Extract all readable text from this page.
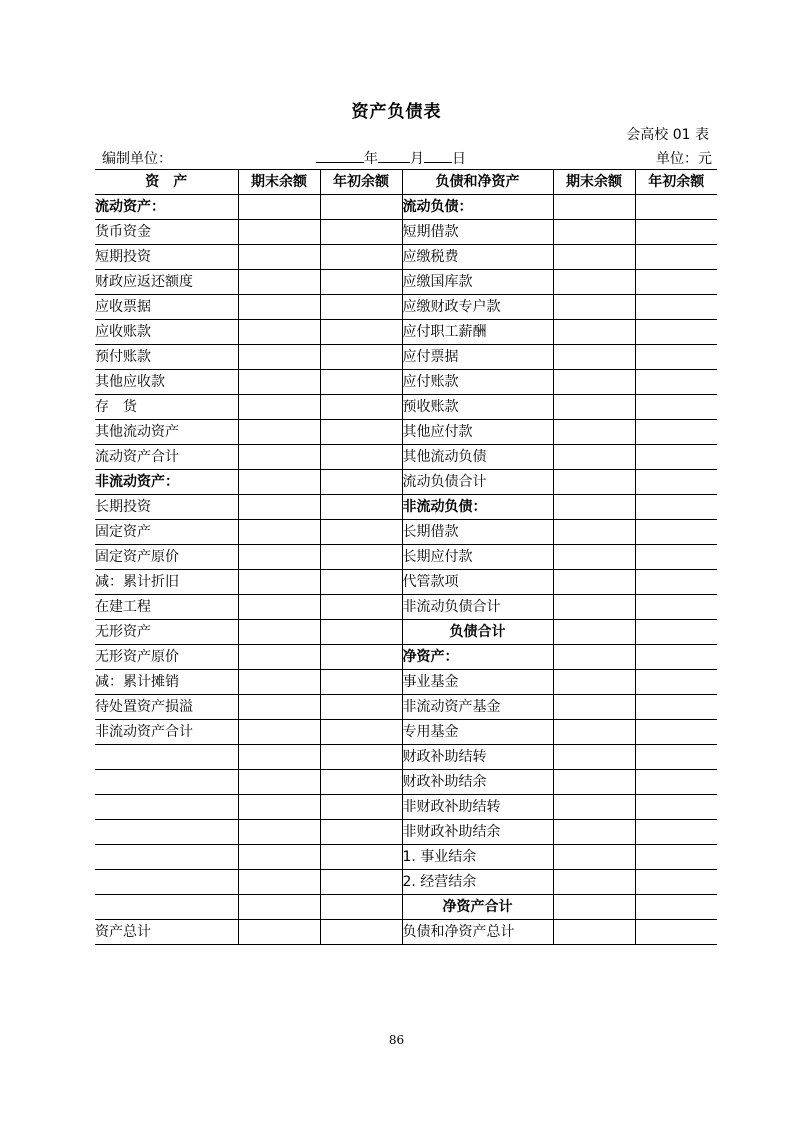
资产负债表
会高校 01 表
编制单位：	年 月 日	单位：元
资　产	期末余额	年初余额	负债和净资产	期末余额	年初余额
流动资产：			流动负债：		
货币资金			短期借款		
短期投资			应缴税费		
财政应返还额度			应缴国库款		
应收票据			应缴财政专户款		
应收账款			应付职工薪酬		
预付账款			应付票据		
其他应收款			应付账款		
存　货			预收账款		
其他流动资产			其他应付款		
流动资产合计			其他流动负债		
非流动资产：			流动负债合计		
长期投资			非流动负债：		
固定资产			长期借款		
固定资产原价			长期应付款		
减：累计折旧			代管款项		
在建工程			非流动负债合计		
无形资产			负债合计		
无形资产原价			净资产：		
减：累计摊销			事业基金		
待处置资产损溢			非流动资产基金		
非流动资产合计			专用基金		
			财政补助结转		
			财政补助结余		
			非财政补助结转		
			非财政补助结余		
			1. 事业结余		
			2. 经营结余		
			净资产合计		
资产总计			负债和净资产总计		
86
